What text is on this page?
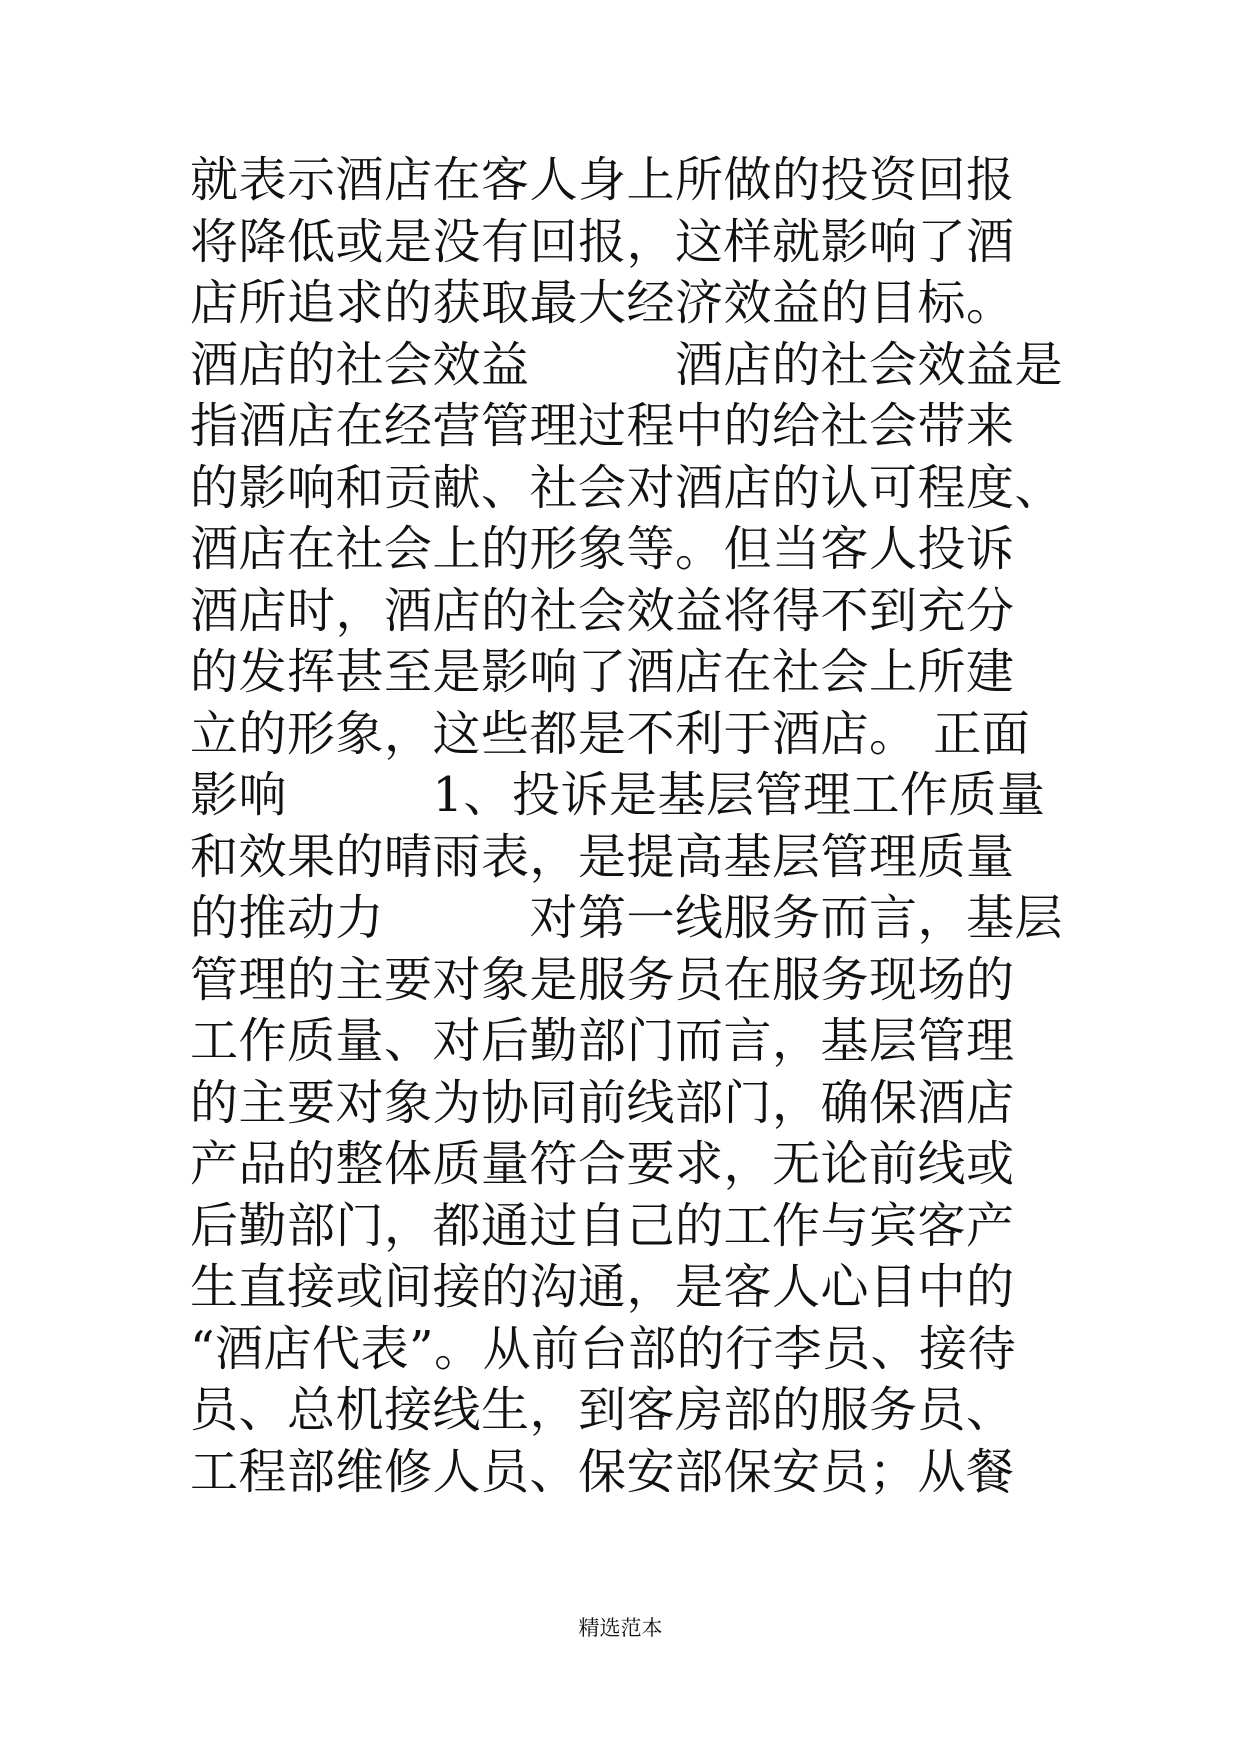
就表示酒店在客人身上所做的投资回报
将降低或是没有回报，这样就影响了酒
店所追求的获取最大经济效益的目标。
酒店的社会效益　　　酒店的社会效益是
指酒店在经营管理过程中的给社会带来
的影响和贡献、社会对酒店的认可程度、
酒店在社会上的形象等。但当客人投诉
酒店时，酒店的社会效益将得不到充分
的发挥甚至是影响了酒店在社会上所建
立的形象，这些都是不利于酒店。 正面
影响　　　1、投诉是基层管理工作质量
和效果的晴雨表，是提高基层管理质量
的推动力　　　对第一线服务而言，基层
管理的主要对象是服务员在服务现场的
工作质量、对后勤部门而言，基层管理
的主要对象为协同前线部门，确保酒店
产品的整体质量符合要求，无论前线或
后勤部门，都通过自己的工作与宾客产
生直接或间接的沟通，是客人心目中的
“酒店代表”。从前台部的行李员、接待
员、总机接线生，到客房部的服务员、
工程部维修人员、保安部保安员；从餐
精选范本
